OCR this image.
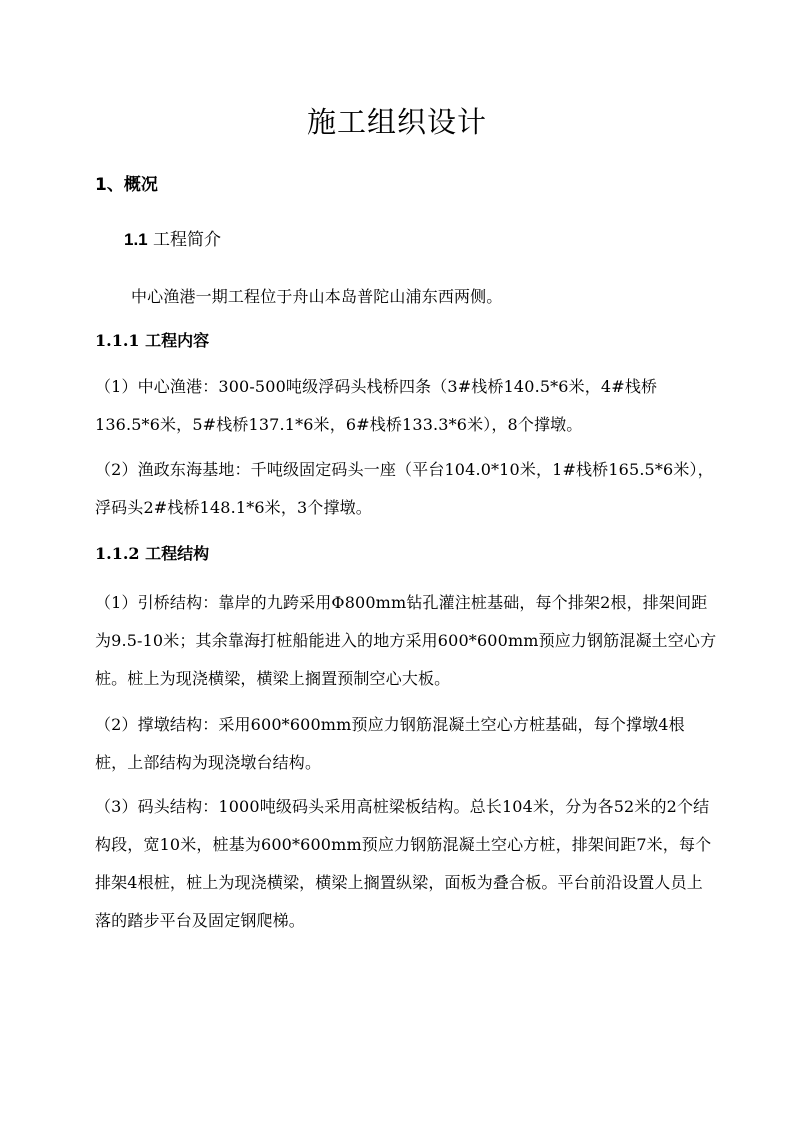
施工组织设计
1、概况
1.1 工程简介
中心渔港一期工程位于舟山本岛普陀山浦东西两侧。
1.1.1 工程内容
（1）中心渔港：300-500吨级浮码头栈桥四条（3#栈桥140.5*6米，4#栈桥136.5*6米，5#栈桥137.1*6米，6#栈桥133.3*6米），8个撑墩。
（2）渔政东海基地：千吨级固定码头一座（平台104.0*10米，1#栈桥165.5*6米），浮码头2#栈桥148.1*6米，3个撑墩。
1.1.2 工程结构
（1）引桥结构：靠岸的九跨采用Φ800mm钻孔灌注桩基础，每个排架2根，排架间距为9.5-10米；其余靠海打桩船能进入的地方采用600*600mm预应力钢筋混凝土空心方桩。桩上为现浇横梁，横梁上搁置预制空心大板。
（2）撑墩结构：采用600*600mm预应力钢筋混凝土空心方桩基础，每个撑墩4根桩，上部结构为现浇墩台结构。
（3）码头结构：1000吨级码头采用高桩梁板结构。总长104米，分为各52米的2个结构段，宽10米，桩基为600*600mm预应力钢筋混凝土空心方桩，排架间距7米，每个排架4根桩，桩上为现浇横梁，横梁上搁置纵梁，面板为叠合板。平台前沿设置人员上落的踏步平台及固定钢爬梯。
